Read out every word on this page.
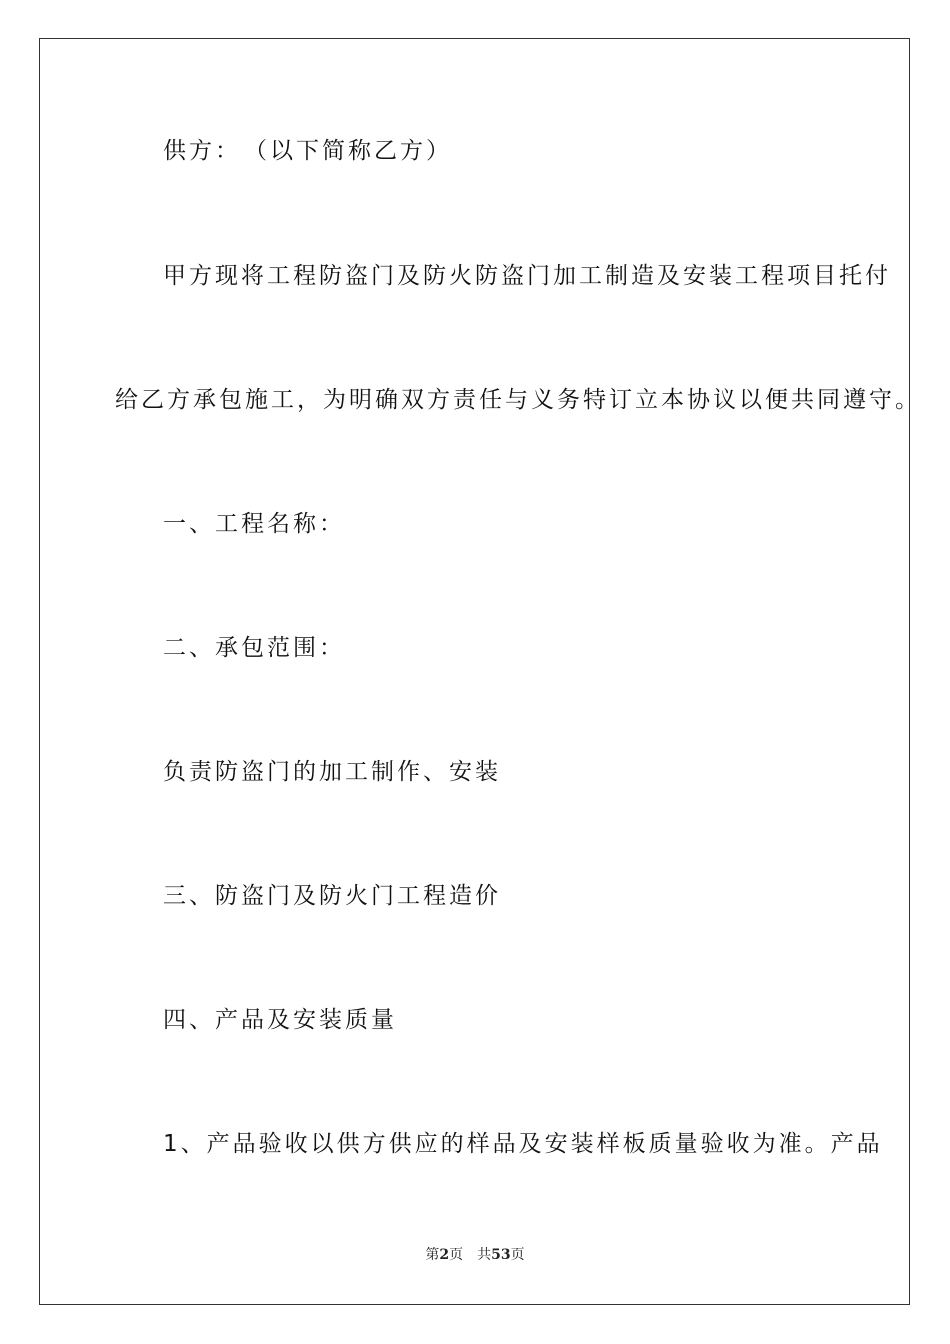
供方：　（以下简称乙方）
甲方现将工程防盗门及防火防盗门加工制造及安装工程项目托付
给乙方承包施工，为明确双方责任与义务特订立本协议以便共同遵守。
一、工程名称：
二、承包范围：
负责防盗门的加工制作、安装
三、防盗门及防火门工程造价
四、产品及安装质量
1、产品验收以供方供应的样品及安装样板质量验收为准。产品
第2页 共53页
